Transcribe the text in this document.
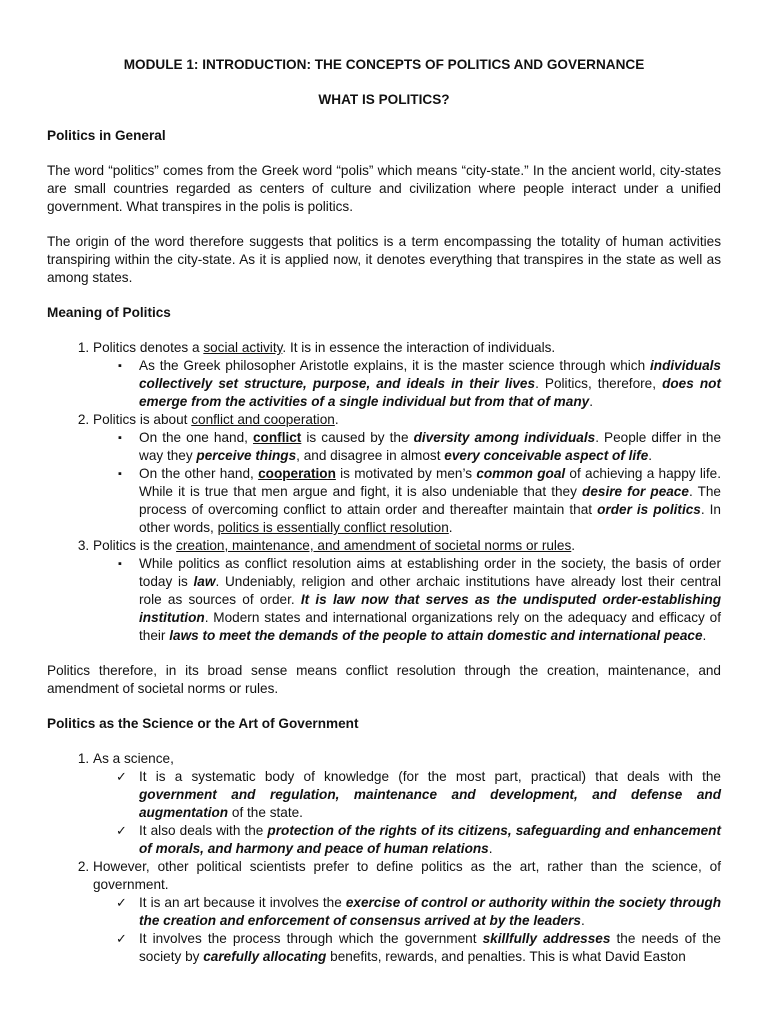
MODULE 1: INTRODUCTION: THE CONCEPTS OF POLITICS AND GOVERNANCE
WHAT IS POLITICS?
Politics in General

The word “politics” comes from the Greek word “polis” which means “city-state.” In the ancient world, city-states are small countries regarded as centers of culture and civilization where people interact under a unified government. What transpires in the polis is politics.

The origin of the word therefore suggests that politics is a term encompassing the totality of human activities transpiring within the city-state. As it is applied now, it denotes everything that transpires in the state as well as among states.

Meaning of Politics
1. Politics denotes a social activity. It is in essence the interaction of individuals.
▪ As the Greek philosopher Aristotle explains, it is the master science through which individuals collectively set structure, purpose, and ideals in their lives. Politics, therefore, does not emerge from the activities of a single individual but from that of many.
2. Politics is about conflict and cooperation.
▪ On the one hand, conflict is caused by the diversity among individuals. People differ in the way they perceive things, and disagree in almost every conceivable aspect of life.
▪ On the other hand, cooperation is motivated by men’s common goal of achieving a happy life. While it is true that men argue and fight, it is also undeniable that they desire for peace. The process of overcoming conflict to attain order and thereafter maintain that order is politics. In other words, politics is essentially conflict resolution.
3. Politics is the creation, maintenance, and amendment of societal norms or rules.
▪ While politics as conflict resolution aims at establishing order in the society, the basis of order today is law. Undeniably, religion and other archaic institutions have already lost their central role as sources of order. It is law now that serves as the undisputed order-establishing institution. Modern states and international organizations rely on the adequacy and efficacy of their laws to meet the demands of the people to attain domestic and international peace.

Politics therefore, in its broad sense means conflict resolution through the creation, maintenance, and amendment of societal norms or rules.

Politics as the Science or the Art of Government
1. As a science,
✓ It is a systematic body of knowledge (for the most part, practical) that deals with the government and regulation, maintenance and development, and defense and augmentation of the state.
✓ It also deals with the protection of the rights of its citizens, safeguarding and enhancement of morals, and harmony and peace of human relations.
2. However, other political scientists prefer to define politics as the art, rather than the science, of government.
✓ It is an art because it involves the exercise of control or authority within the society through the creation and enforcement of consensus arrived at by the leaders.
✓ It involves the process through which the government skillfully addresses the needs of the society by carefully allocating benefits, rewards, and penalties. This is what David Easton
